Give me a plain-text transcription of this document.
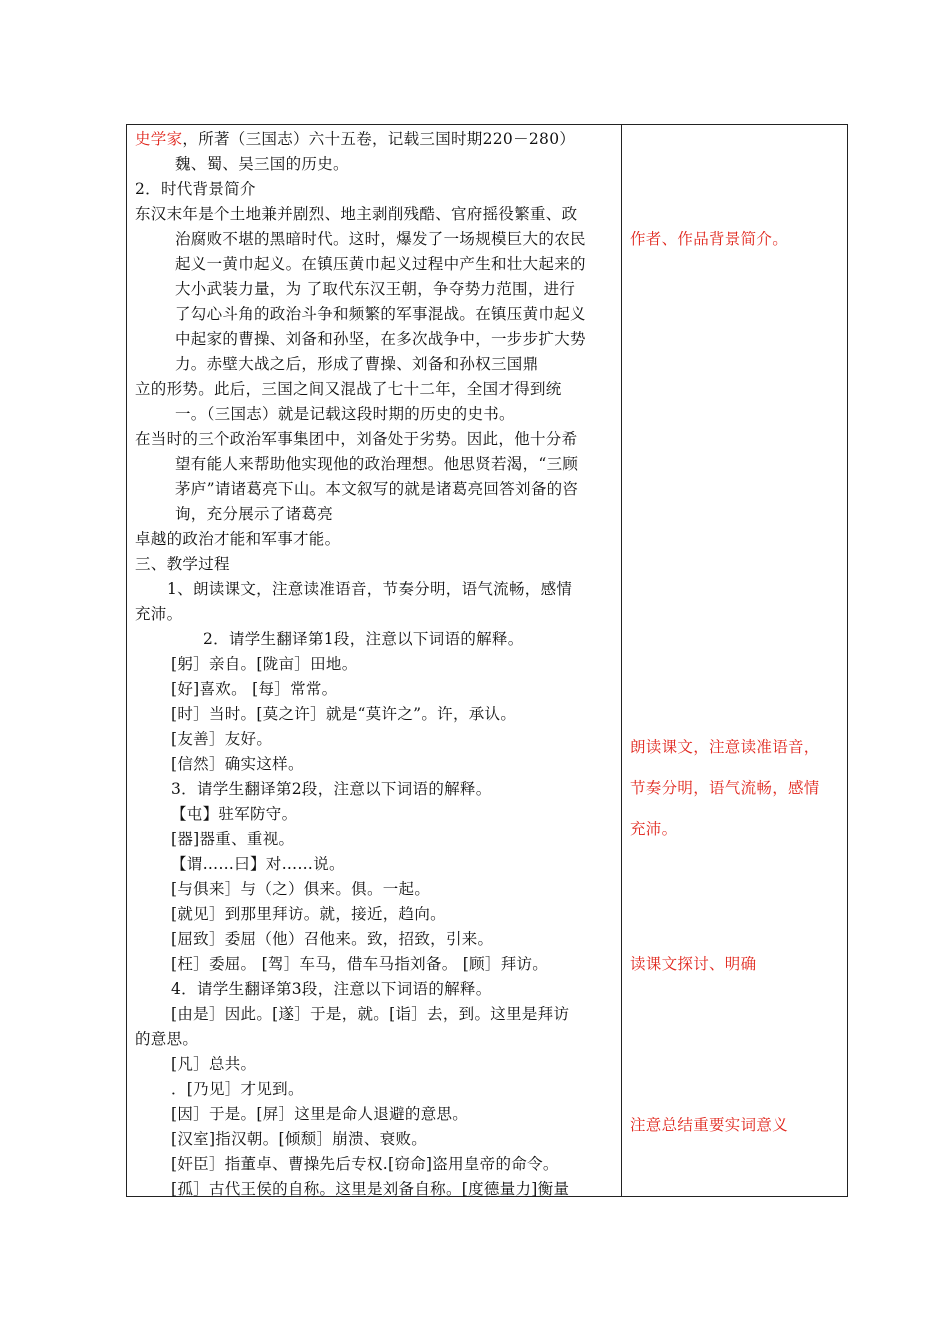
史学家，所著（三国志）六十五卷，记载三国时期220－280）
魏、蜀、吴三国的历史。
2．时代背景简介
东汉末年是个土地兼并剧烈、地主剥削残酷、官府摇役繁重、政
治腐败不堪的黑暗时代。这时，爆发了一场规模巨大的农民
起义一黄巾起义。在镇压黄巾起义过程中产生和壮大起来的
大小武装力量，为 了取代东汉王朝，争夺势力范围，进行
了勾心斗角的政治斗争和频繁的军事混战。在镇压黄巾起义
中起家的曹操、刘备和孙坚，在多次战争中，一步步扩大势
力。赤壁大战之后，形成了曹操、刘备和孙权三国鼎
立的形势。此后，三国之间又混战了七十二年，全国才得到统
一。（三国志）就是记载这段时期的历史的史书。
在当时的三个政治军事集团中，刘备处于劣势。因此，他十分希
望有能人来帮助他实现他的政治理想。他思贤若渴，“三顾
茅庐”请诸葛亮下山。本文叙写的就是诸葛亮回答刘备的咨
询，充分展示了诸葛亮
卓越的政治才能和军事才能。
三、教学过程
1、朗读课文，注意读准语音，节奏分明，语气流畅，感情
充沛。
2．请学生翻译第1段，注意以下词语的解释。
[躬］亲自。[陇亩］田地。
[好]喜欢。 [每］常常。
[时］当时。[莫之许］就是“莫许之”。许，承认。
[友善］友好。
[信然］确实这样。
3．请学生翻译第2段，注意以下词语的解释。
【屯】驻军防守。
[器]器重、重视。
【谓……曰】对……说。
[与俱来］与（之）俱来。俱。一起。
[就见］到那里拜访。就，接近，趋向。
[屈致］委屈（他）召他来。致，招致，引来。
[枉］委屈。 [驾］车马，借车马指刘备。 [顾］拜访。
4．请学生翻译第3段，注意以下词语的解释。
[由是］因此。[遂］于是，就。[诣］去，到。这里是拜访
的意思。
[凡］总共。
．[乃见］才见到。
[因］于是。[屏］这里是命人退避的意思。
[汉室]指汉朝。[倾颓］崩溃、衰败。
[奸臣］指董卓、曹操先后专权.[窃命]盗用皇帝的命令。
[孤］古代王侯的自称。这里是刘备自称。[度德量力]衡量
作者、作品背景简介。
朗读课文，注意读准语音，
节奏分明，语气流畅，感情
充沛。
读课文探讨、明确
注意总结重要实词意义
